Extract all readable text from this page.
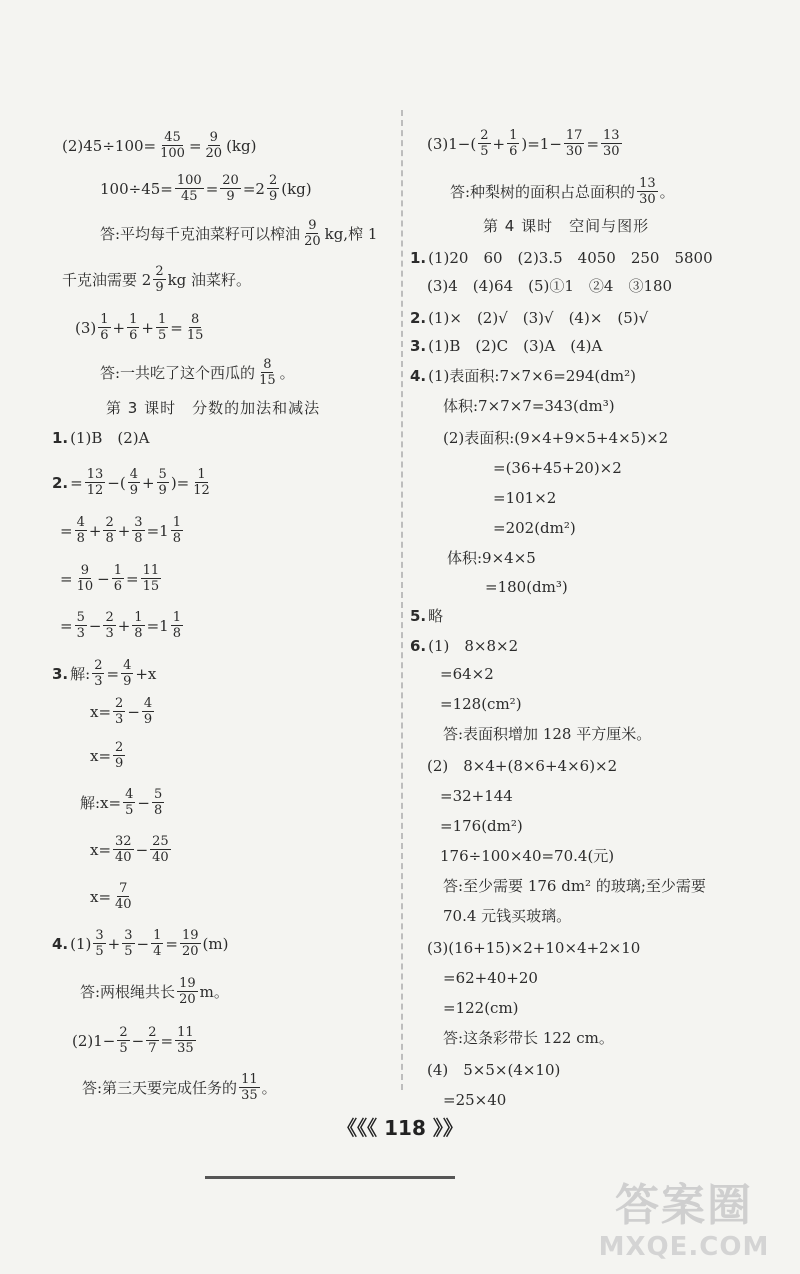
$(2)45\div 100= \frac{45}{100} = \frac{9}{20} (kg)$
$100\div 45= \frac{100}{45} = \frac{20}{9} =2 \frac{2}{9} (kg)$
答:平均每千克油菜籽可以榨油 $\frac{9}{20}$ kg,榨 1
千克油需要 $2 \frac{2}{9}$ kg 油菜籽。
$(3) \frac{1}{6} + \frac{1}{6} + \frac{1}{5} = \frac{8}{15}$
答:一共吃了这个西瓜的 $\frac{8}{15}$ 。
第 3 课时　分数的加法和减法
1. (1)B　(2)A
2. = $\frac{13}{12}$ −( $\frac{4}{9} + \frac{5}{9}$ )= $\frac{1}{12}$
= $\frac{4}{8} + \frac{2}{8} + \frac{3}{8} =1 \frac{1}{8}$
= $\frac{9}{10} - \frac{1}{6} = \frac{11}{15}$
= $\frac{5}{3} - \frac{2}{3} + \frac{1}{8} =1 \frac{1}{8}$
3. 解: $\frac{2}{3} = \frac{4}{9} +x$
$x= \frac{2}{3} - \frac{4}{9}$
$x= \frac{2}{9}$
解:x= $\frac{4}{5} - \frac{5}{8}$
$x= \frac{32}{40} - \frac{25}{40}$
$x= \frac{7}{40}$
4. $(1) \frac{3}{5} + \frac{3}{5} - \frac{1}{4} = \frac{19}{20} (m)$
答:两根绳共长 $\frac{19}{20}$ m。
$(2)1- \frac{2}{5} - \frac{2}{7} = \frac{11}{35}$
答:第三天要完成任务的 $\frac{11}{35}$ 。
$(3)1-( \frac{2}{5} + \frac{1}{6} )=1- \frac{17}{30} = \frac{13}{30}$
答:种梨树的面积占总面积的 $\frac{13}{30}$ 。
第 4 课时　空间与图形
1. (1)20　60　(2)3.5　4050　250　5800
(3)4　(4)64　(5)①1　②4　③180
2. (1)×　(2)√　(3)√　(4)×　(5)√
3. (1)B　(2)C　(3)A　(4)A
4. (1)表面积:7×7×6=294(dm²)
体积:7×7×7=343(dm³)
(2)表面积:(9×4+9×5+4×5)×2
=(36+45+20)×2
=101×2
=202(dm²)
体积:9×4×5
=180(dm³)
5. 略
6. (1)　8×8×2
=64×2
=128(cm²)
答:表面积增加 128 平方厘米。
(2)　8×4+(8×6+4×6)×2
=32+144
=176(dm²)
176÷100×40=70.4(元)
答:至少需要 176 dm² 的玻璃;至少需要
70.4 元钱买玻璃。
(3)(16+15)×2+10×4+2×10
=62+40+20
=122(cm)
答:这条彩带长 122 cm。
(4)　5×5×(4×10)
=25×40
《《《 118 》》
答案圈
MXQE.COM
